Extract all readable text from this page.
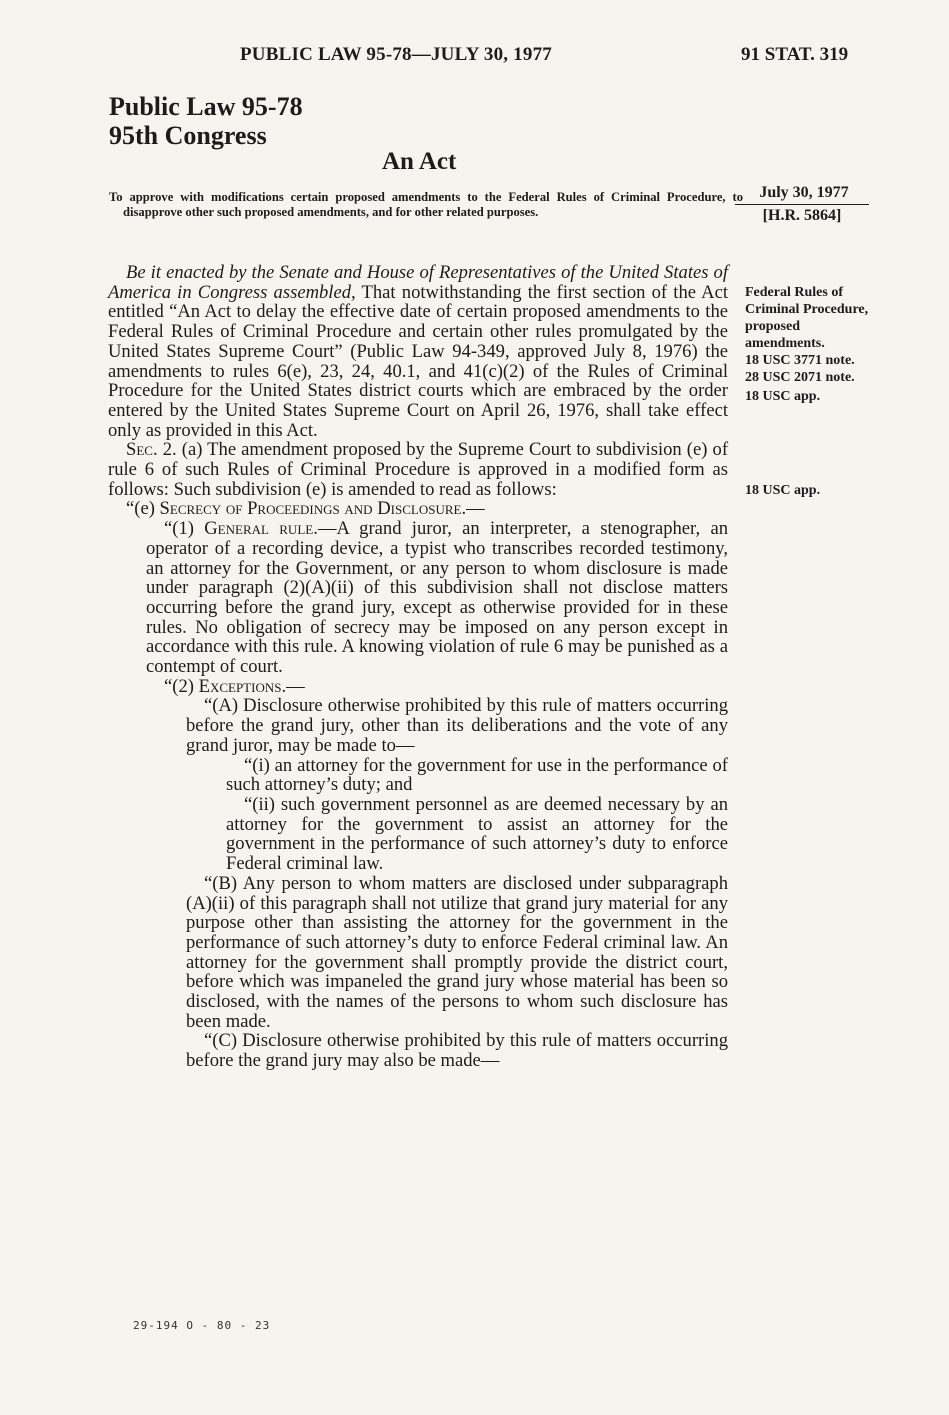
PUBLIC LAW 95-78—JULY 30, 1977	91 STAT. 319
Public Law 95-78
95th Congress
An Act
To approve with modifications certain proposed amendments to the Federal Rules of Criminal Procedure, to disapprove other such proposed amendments, and for other related purposes.
July 30, 1977
[H.R. 5864]
Federal Rules of Criminal Procedure, proposed amendments.
18 USC 3771 note.
28 USC 2071 note.
18 USC app.
18 USC app.

Be it enacted by the Senate and House of Representatives of the United States of America in Congress assembled, That notwithstanding the first section of the Act entitled “An Act to delay the effective date of certain proposed amendments to the Federal Rules of Criminal Procedure and certain other rules promulgated by the United States Supreme Court” (Public Law 94-349, approved July 8, 1976) the amendments to rules 6(e), 23, 24, 40.1, and 41(c)(2) of the Rules of Criminal Procedure for the United States district courts which are embraced by the order entered by the United States Supreme Court on April 26, 1976, shall take effect only as provided in this Act.

Sec. 2. (a) The amendment proposed by the Supreme Court to subdivision (e) of rule 6 of such Rules of Criminal Procedure is approved in a modified form as follows: Such subdivision (e) is amended to read as follows:

“(e) Secrecy of Proceedings and Disclosure.—

“(1) General rule.—A grand juror, an interpreter, a stenographer, an operator of a recording device, a typist who transcribes recorded testimony, an attorney for the Government, or any person to whom disclosure is made under paragraph (2)(A)(ii) of this subdivision shall not disclose matters occurring before the grand jury, except as otherwise provided for in these rules. No obligation of secrecy may be imposed on any person except in accordance with this rule. A knowing violation of rule 6 may be punished as a contempt of court.

“(2) Exceptions.—

“(A) Disclosure otherwise prohibited by this rule of matters occurring before the grand jury, other than its deliberations and the vote of any grand juror, may be made to—

“(i) an attorney for the government for use in the performance of such attorney’s duty; and

“(ii) such government personnel as are deemed necessary by an attorney for the government to assist an attorney for the government in the performance of such attorney’s duty to enforce Federal criminal law.

“(B) Any person to whom matters are disclosed under subparagraph (A)(ii) of this paragraph shall not utilize that grand jury material for any purpose other than assisting the attorney for the government in the performance of such attorney’s duty to enforce Federal criminal law. An attorney for the government shall promptly provide the district court, before which was impaneled the grand jury whose material has been so disclosed, with the names of the persons to whom such disclosure has been made.

“(C) Disclosure otherwise prohibited by this rule of matters occurring before the grand jury may also be made—

29-194 O - 80 - 23
